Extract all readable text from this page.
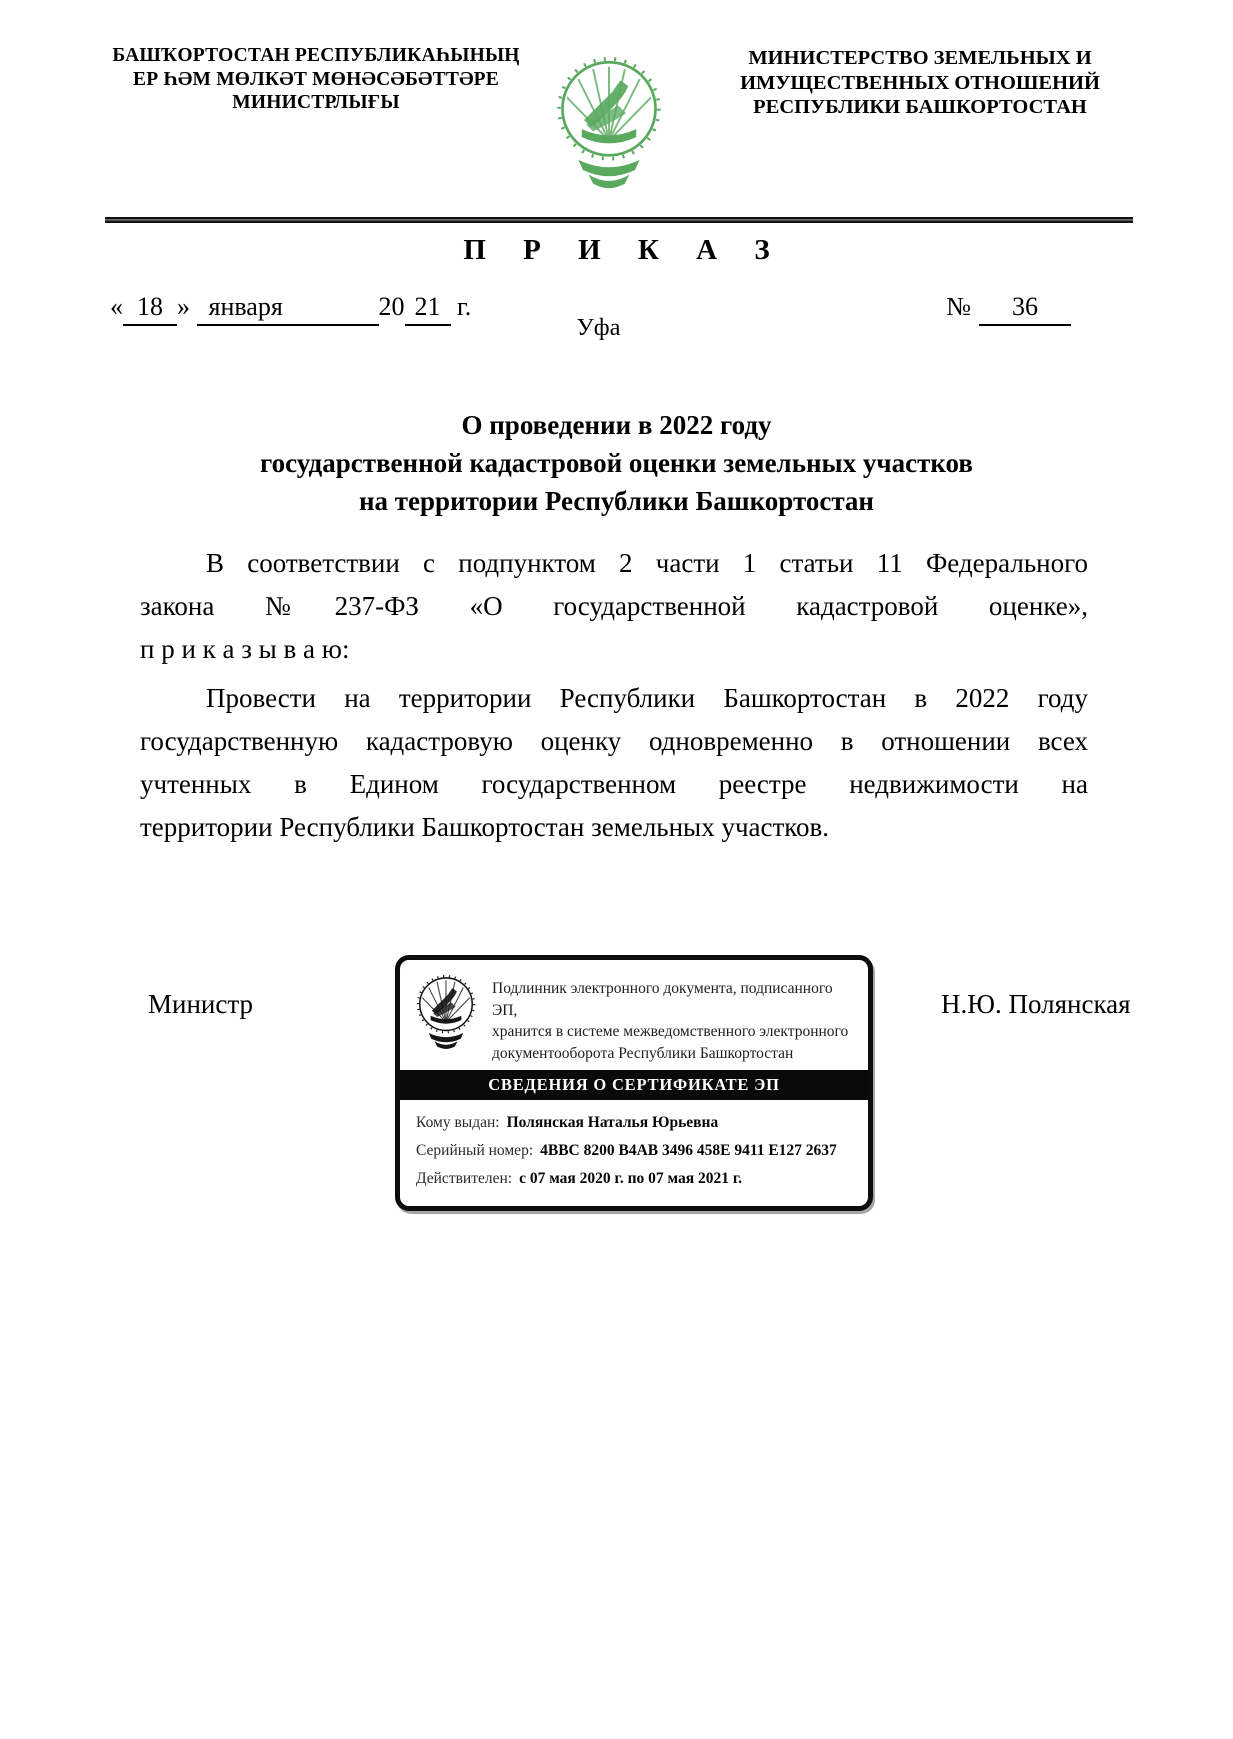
БАШҠОРТОСТАН РЕСПУБЛИКАҺЫНЫҢ
ЕР ҺӘМ МӨЛКӘТ МӨНӘСӘБӘТТӘРЕ
МИНИСТРЛЫҒЫ
МИНИСТЕРСТВО ЗЕМЕЛЬНЫХ И
ИМУЩЕСТВЕННЫХ ОТНОШЕНИЙ
РЕСПУБЛИКИ БАШКОРТОСТАН
П Р И К А З
« 18 » января	20 21 г.	№ 36
Уфа
О проведении в 2022 году
государственной кадастровой оценки земельных участков
на территории Республики Башкортостан
В соответствии с подпунктом 2 части 1 статьи 11 Федерального
закона №237-ФЗ «О государственной кадастровой оценке»,
п р и к а з ы в а ю:
Провести на территории Республики Башкортостан в 2022 году
государственную кадастровую оценку одновременно в отношении всех
учтенных в Едином государственном реестре недвижимости на
территории Республики Башкортостан земельных участков.
Министр
Подлинник электронного документа, подписанного ЭП,
хранится в системе межведомственного электронного
документооборота Республики Башкортостан
СВЕДЕНИЯ О СЕРТИФИКАТЕ ЭП
Кому выдан: Полянская Наталья Юрьевна
Серийный номер: 4BBC 8200 B4AB 3496 458E 9411 E127 2637
Действителен: с 07 мая 2020 г. по 07 мая 2021 г.
Н.Ю. Полянская
